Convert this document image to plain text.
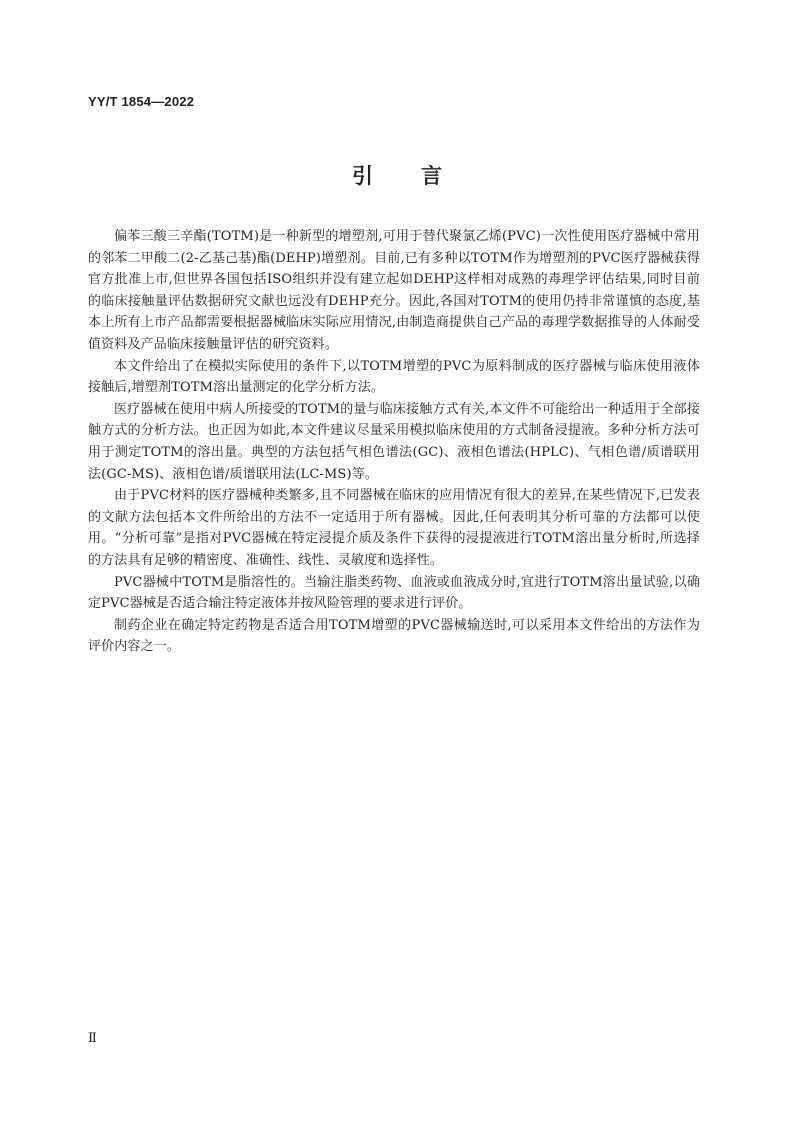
YY/T 1854—2022

引言

偏苯三酸三辛酯(TOTM)是一种新型的增塑剂,可用于替代聚氯乙烯(PVC)一次性使用医疗器械中常用的邻苯二甲酸二(2-乙基己基)酯(DEHP)增塑剂。目前,已有多种以TOTM作为增塑剂的PVC医疗器械获得官方批准上市,但世界各国包括ISO组织并没有建立起如DEHP这样相对成熟的毒理学评估结果,同时目前的临床接触量评估数据研究文献也远没有DEHP充分。因此,各国对TOTM的使用仍持非常谨慎的态度,基本上所有上市产品都需要根据器械临床实际应用情况,由制造商提供自己产品的毒理学数据推导的人体耐受值资料及产品临床接触量评估的研究资料。

本文件给出了在模拟实际使用的条件下,以TOTM增塑的PVC为原料制成的医疗器械与临床使用液体接触后,增塑剂TOTM溶出量测定的化学分析方法。

医疗器械在使用中病人所接受的TOTM的量与临床接触方式有关,本文件不可能给出一种适用于全部接触方式的分析方法。也正因为如此,本文件建议尽量采用模拟临床使用的方式制备浸提液。多种分析方法可用于测定TOTM的溶出量。典型的方法包括气相色谱法(GC)、液相色谱法(HPLC)、气相色谱/质谱联用法(GC-MS)、液相色谱/质谱联用法(LC-MS)等。

由于PVC材料的医疗器械种类繁多,且不同器械在临床的应用情况有很大的差异,在某些情况下,已发表的文献方法包括本文件所给出的方法不一定适用于所有器械。因此,任何表明其分析可靠的方法都可以使用。“分析可靠”是指对PVC器械在特定浸提介质及条件下获得的浸提液进行TOTM溶出量分析时,所选择的方法具有足够的精密度、准确性、线性、灵敏度和选择性。

PVC器械中TOTM是脂溶性的。当输注脂类药物、血液或血液成分时,宜进行TOTM溶出量试验,以确定PVC器械是否适合输注特定液体并按风险管理的要求进行评价。

制药企业在确定特定药物是否适合用TOTM增塑的PVC器械输送时,可以采用本文件给出的方法作为评价内容之一。

Ⅱ
